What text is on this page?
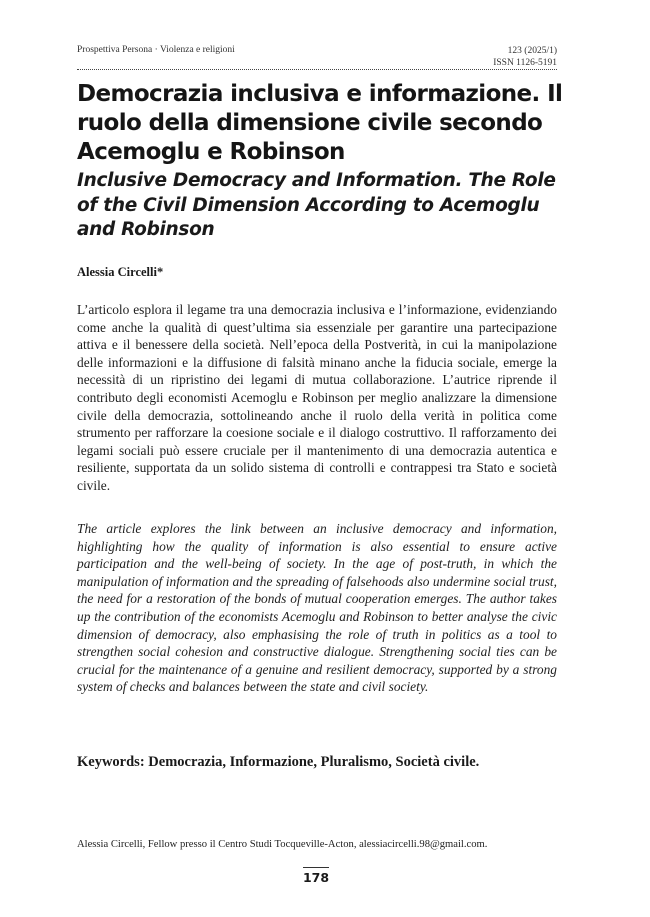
Prospettiva Persona · Violenza e religioni	123 (2025/1)
ISSN 1126-5191
Democrazia inclusiva e informazione. Il ruolo della dimensione civile secondo Acemoglu e Robinson
Inclusive Democracy and Information. The Role of the Civil Dimension According to Acemoglu and Robinson
Alessia Circelli*

L’articolo esplora il legame tra una democrazia inclusiva e l’informazione, evidenziando come anche la qualità di quest’ultima sia essenziale per garantire una partecipazione attiva e il benessere della società. Nell’epoca della Postverità, in cui la manipolazione delle informazioni e la diffusione di falsità minano anche la fiducia sociale, emerge la necessità di un ripristino dei legami di mutua collaborazione. L’autrice riprende il contributo degli economisti Acemoglu e Robinson per meglio analizzare la dimensione civile della democrazia, sottolineando anche il ruolo della verità in politica come strumento per rafforzare la coesione sociale e il dialogo costruttivo. Il rafforzamento dei legami sociali può essere cruciale per il mantenimento di una democrazia autentica e resiliente, supportata da un solido sistema di controlli e contrappesi tra Stato e società civile.

The article explores the link between an inclusive democracy and information, highlighting how the quality of information is also essential to ensure active participation and the well-being of society. In the age of post-truth, in which the manipulation of information and the spreading of falsehoods also undermine social trust, the need for a restoration of the bonds of mutual cooperation emerges. The author takes up the contribution of the economists Acemoglu and Robinson to better analyse the civic dimension of democracy, also emphasising the role of truth in politics as a tool to strengthen social cohesion and constructive dialogue. Strengthening social ties can be crucial for the maintenance of a genuine and resilient democracy, supported by a strong system of checks and balances between the state and civil society.

Keywords: Democrazia, Informazione, Pluralismo, Società civile.

Alessia Circelli, Fellow presso il Centro Studi Tocqueville-Acton, alessiacircelli.98@gmail.com.

178
